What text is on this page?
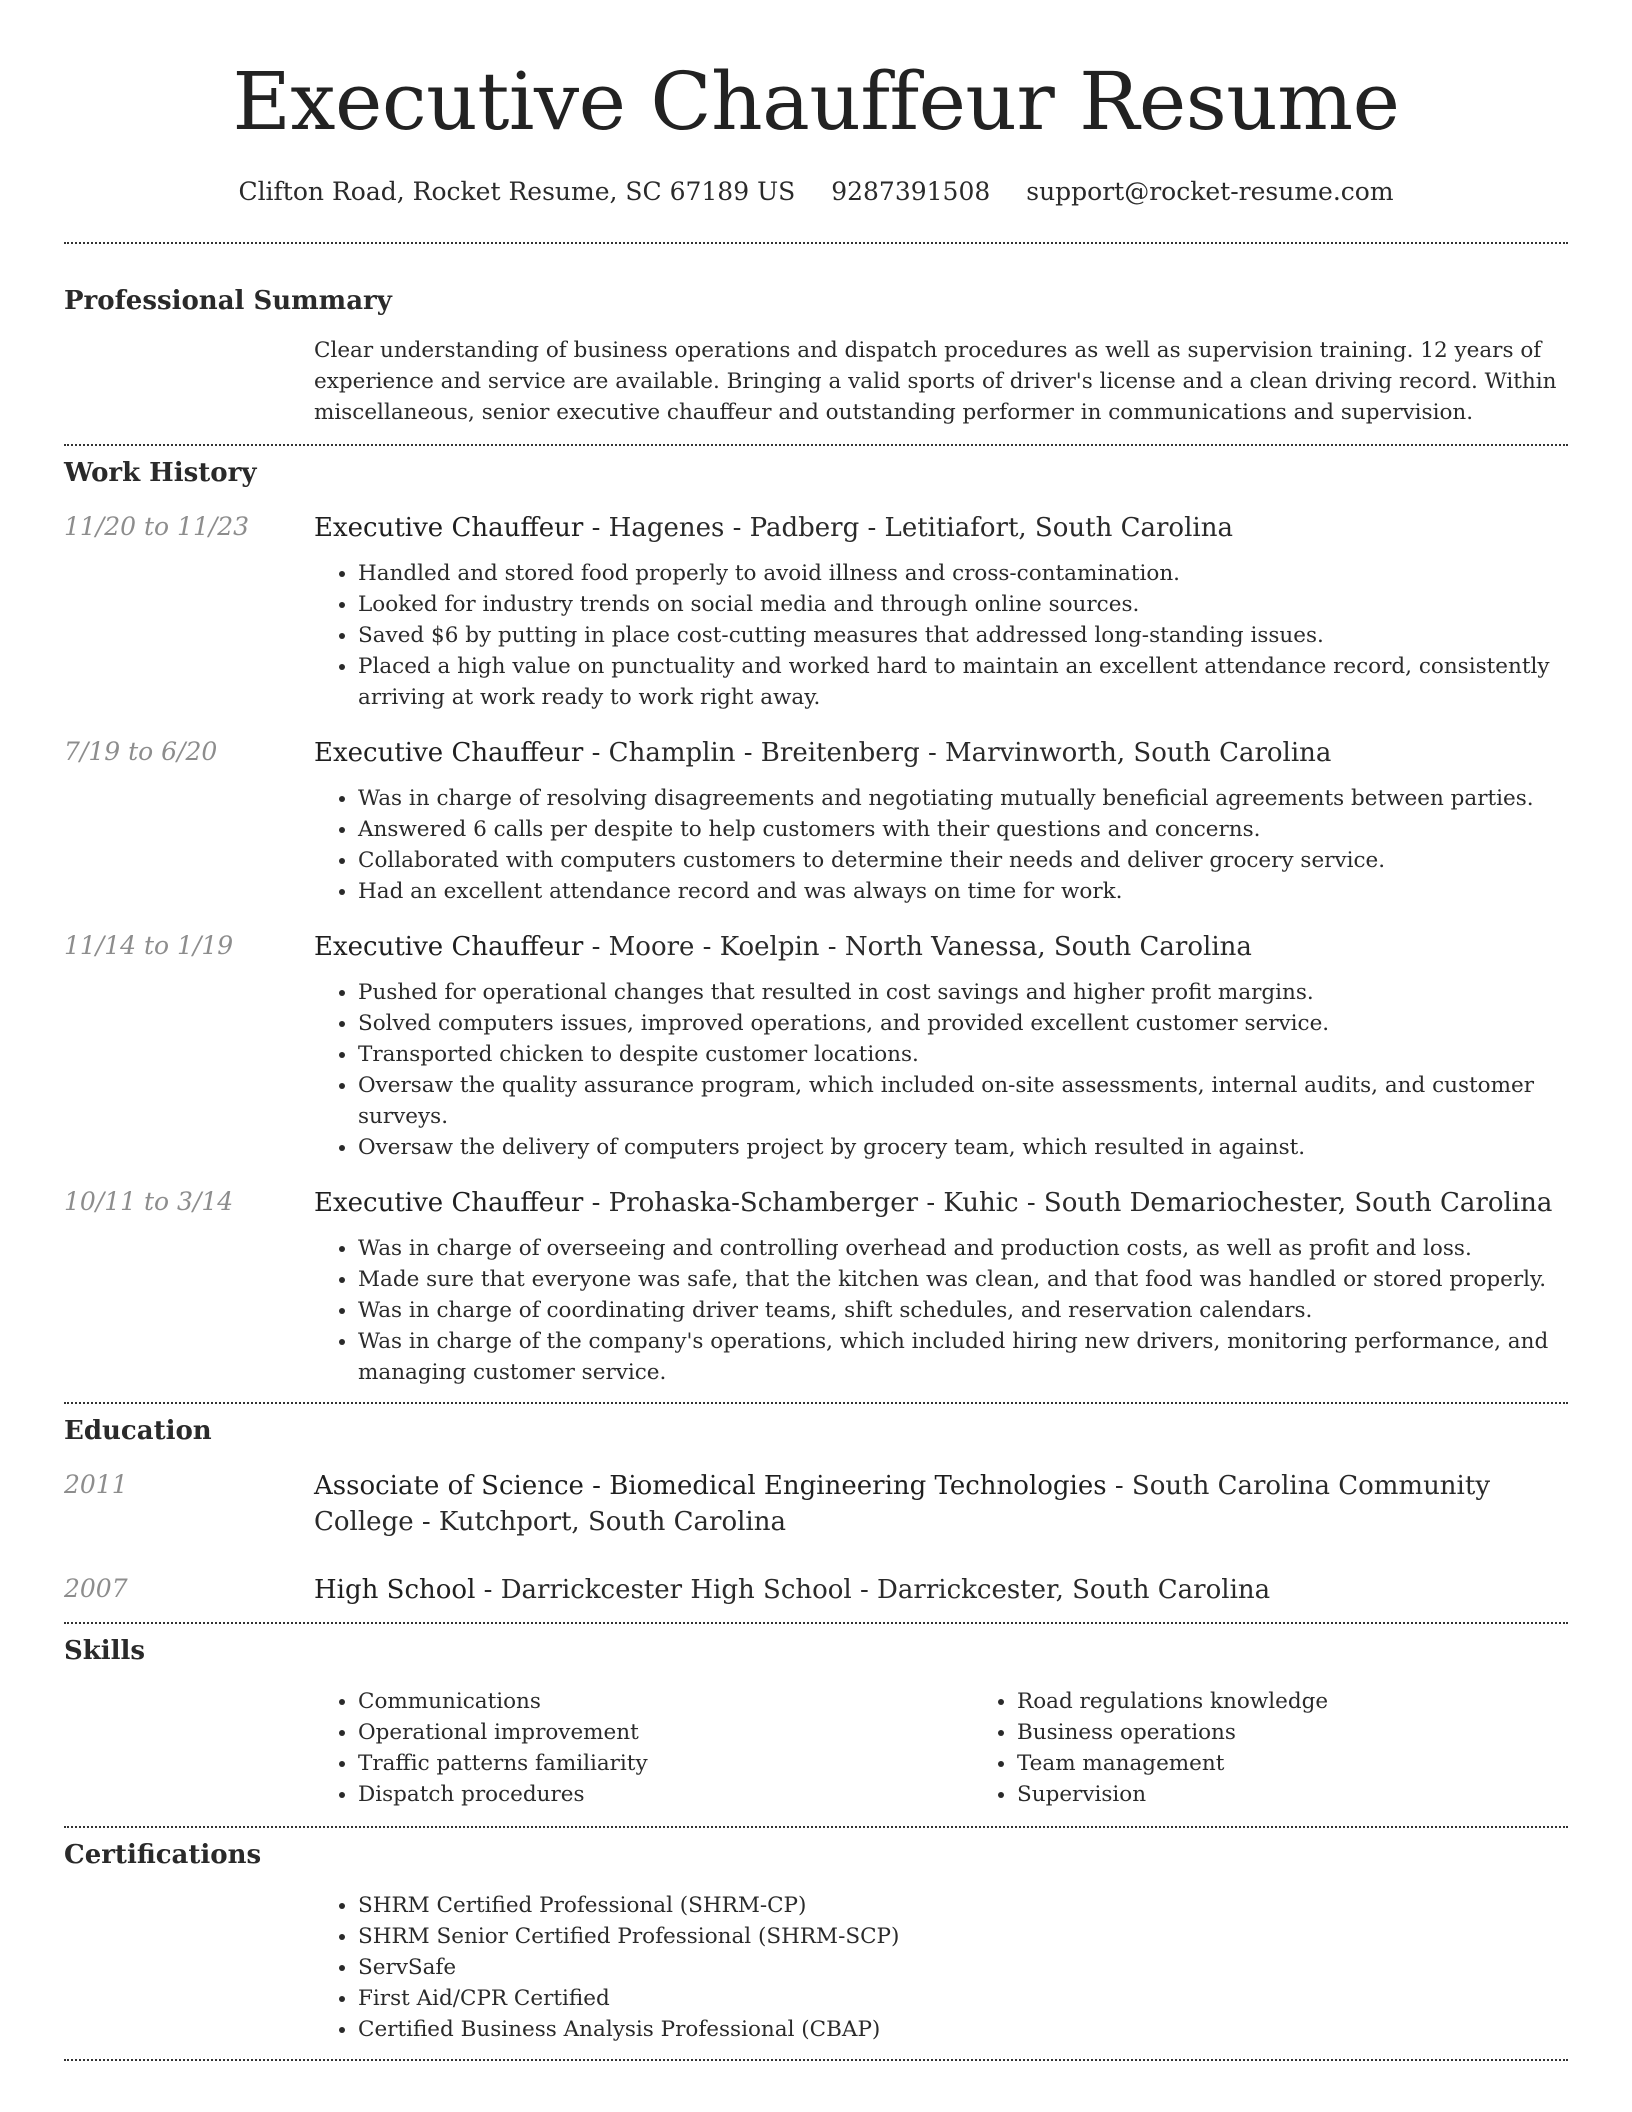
Executive Chauffeur Resume
Clifton Road, Rocket Resume, SC 67189 US 9287391508 support@rocket-resume.com
Professional Summary

Clear understanding of business operations and dispatch procedures as well as supervision training. 12 years of experience and service are available. Bringing a valid sports of driver's license and a clean driving record. Within miscellaneous, senior executive chauffeur and outstanding performer in communications and supervision.

Work History
11/20 to 11/23	Executive Chauffeur - Hagenes - Padberg - Letitiafort, South Carolina
• Handled and stored food properly to avoid illness and cross-contamination.
• Looked for industry trends on social media and through online sources.
• Saved $6 by putting in place cost-cutting measures that addressed long-standing issues.
• Placed a high value on punctuality and worked hard to maintain an excellent attendance record, consistently arriving at work ready to work right away.
7/19 to 6/20	Executive Chauffeur - Champlin - Breitenberg - Marvinworth, South Carolina
• Was in charge of resolving disagreements and negotiating mutually beneficial agreements between parties.
• Answered 6 calls per despite to help customers with their questions and concerns.
• Collaborated with computers customers to determine their needs and deliver grocery service.
• Had an excellent attendance record and was always on time for work.
11/14 to 1/19	Executive Chauffeur - Moore - Koelpin - North Vanessa, South Carolina
• Pushed for operational changes that resulted in cost savings and higher profit margins.
• Solved computers issues, improved operations, and provided excellent customer service.
• Transported chicken to despite customer locations.
• Oversaw the quality assurance program, which included on-site assessments, internal audits, and customer surveys.
• Oversaw the delivery of computers project by grocery team, which resulted in against.
10/11 to 3/14	Executive Chauffeur - Prohaska-Schamberger - Kuhic - South Demariochester, South Carolina
• Was in charge of overseeing and controlling overhead and production costs, as well as profit and loss.
• Made sure that everyone was safe, that the kitchen was clean, and that food was handled or stored properly.
• Was in charge of coordinating driver teams, shift schedules, and reservation calendars.
• Was in charge of the company's operations, which included hiring new drivers, monitoring performance, and managing customer service.
Education
2011	Associate of Science - Biomedical Engineering Technologies - South Carolina Community College - Kutchport, South Carolina
2007	High School - Darrickcester High School - Darrickcester, South Carolina
Skills
• Communications
• Operational improvement
• Traffic patterns familiarity
• Dispatch procedures
• Road regulations knowledge
• Business operations
• Team management
• Supervision
Certifications
• SHRM Certified Professional (SHRM-CP)
• SHRM Senior Certified Professional (SHRM-SCP)
• ServSafe
• First Aid/CPR Certified
• Certified Business Analysis Professional (CBAP)
